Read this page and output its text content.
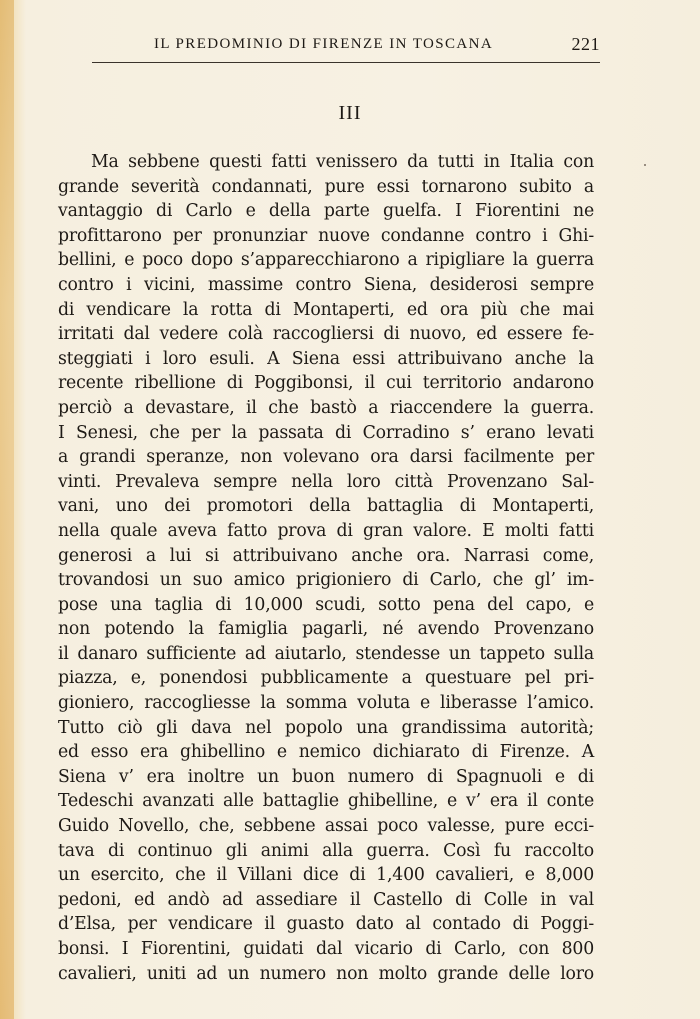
IL PREDOMINIO DI FIRENZE IN TOSCANA	221
III
Ma sebbene questi fatti venissero da tutti in Italia con
grande severità condannati, pure essi tornarono subito a
vantaggio di Carlo e della parte guelfa. I Fiorentini ne
profittarono per pronunziar nuove condanne contro i Ghi-
bellini, e poco dopo s’apparecchiarono a ripigliare la guerra
contro i vicini, massime contro Siena, desiderosi sempre
di vendicare la rotta di Montaperti, ed ora più che mai
irritati dal vedere colà raccogliersi di nuovo, ed essere fe-
steggiati i loro esuli. A Siena essi attribuivano anche la
recente ribellione di Poggibonsi, il cui territorio andarono
perciò a devastare, il che bastò a riaccendere la guerra.
I Senesi, che per la passata di Corradino s’ erano levati
a grandi speranze, non volevano ora darsi facilmente per
vinti. Prevaleva sempre nella loro città Provenzano Sal-
vani, uno dei promotori della battaglia di Montaperti,
nella quale aveva fatto prova di gran valore. E molti fatti
generosi a lui si attribuivano anche ora. Narrasi come,
trovandosi un suo amico prigioniero di Carlo, che gl’ im-
pose una taglia di 10,000 scudi, sotto pena del capo, e
non potendo la famiglia pagarli, né avendo Provenzano
il danaro sufficiente ad aiutarlo, stendesse un tappeto sulla
piazza, e, ponendosi pubblicamente a questuare pel pri-
gioniero, raccogliesse la somma voluta e liberasse l’amico.
Tutto ciò gli dava nel popolo una grandissima autorità;
ed esso era ghibellino e nemico dichiarato di Firenze. A
Siena v’ era inoltre un buon numero di Spagnuoli e di
Tedeschi avanzati alle battaglie ghibelline, e v’ era il conte
Guido Novello, che, sebbene assai poco valesse, pure ecci-
tava di continuo gli animi alla guerra. Così fu raccolto
un esercito, che il Villani dice di 1,400 cavalieri, e 8,000
pedoni, ed andò ad assediare il Castello di Colle in val
d’Elsa, per vendicare il guasto dato al contado di Poggi-
bonsi. I Fiorentini, guidati dal vicario di Carlo, con 800
cavalieri, uniti ad un numero non molto grande delle loro
